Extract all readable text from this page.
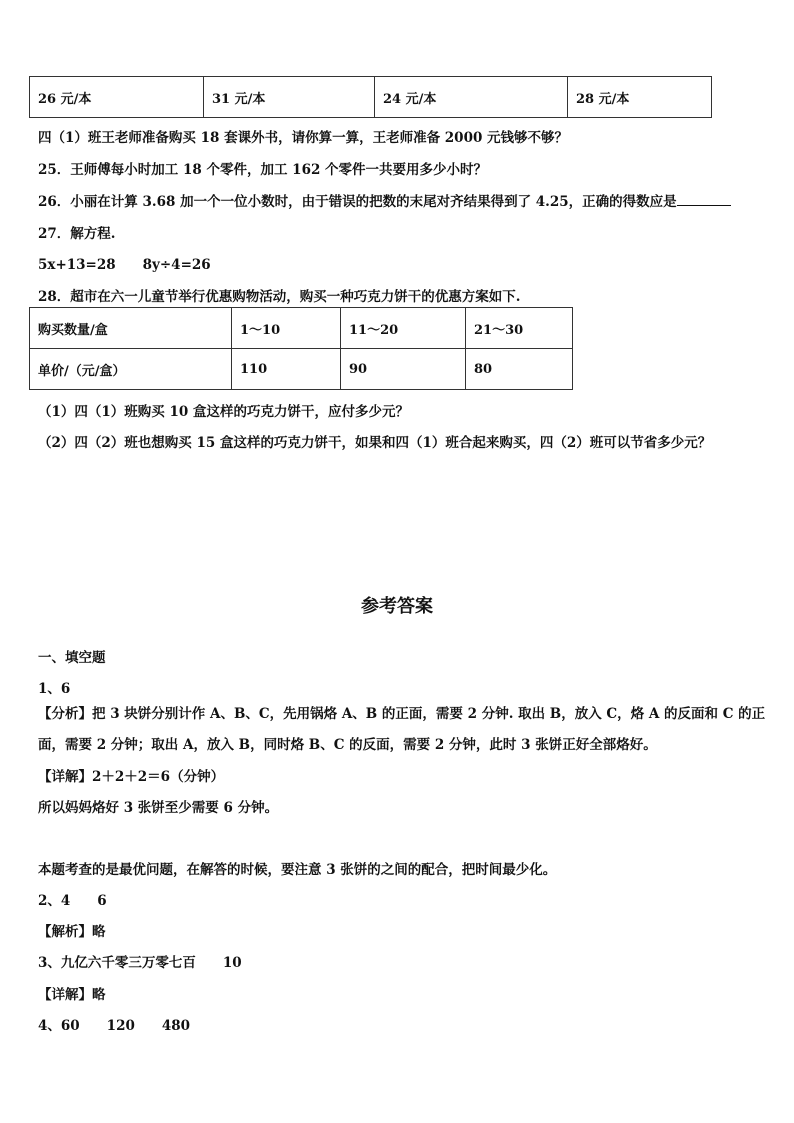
26 元/本	31 元/本	24 元/本	28 元/本
四（1）班王老师准备购买 18 套课外书，请你算一算，王老师准备 2000 元钱够不够？
25．王师傅每小时加工 18 个零件，加工 162 个零件一共要用多少小时？
26．小丽在计算 3.68 加一个一位小数时，由于错误的把数的末尾对齐结果得到了 4.25，正确的得数应是
27．解方程.
5x+13=28　　8y÷4=26
28．超市在六一儿童节举行优惠购物活动，购买一种巧克力饼干的优惠方案如下.
购买数量/盒	1～10	11～20	21～30
单价/（元/盒）	110	90	80
（1）四（1）班购买 10 盒这样的巧克力饼干，应付多少元？
（2）四（2）班也想购买 15 盒这样的巧克力饼干，如果和四（1）班合起来购买，四（2）班可以节省多少元？
参考答案
一、填空题
1、6
【分析】把 3 块饼分别计作 A、B、C，先用锅烙 A、B 的正面，需要 2 分钟. 取出 B，放入 C，烙 A 的反面和 C 的正
面，需要 2 分钟；取出 A，放入 B，同时烙 B、C 的反面，需要 2 分钟，此时 3 张饼正好全部烙好。
【详解】2＋2＋2＝6（分钟）
所以妈妈烙好 3 张饼至少需要 6 分钟。
本题考查的是最优问题，在解答的时候，要注意 3 张饼的之间的配合，把时间最少化。
2、4　　6
【解析】略
3、九亿六千零三万零七百　　10
【详解】略
4、60　　120　　480
